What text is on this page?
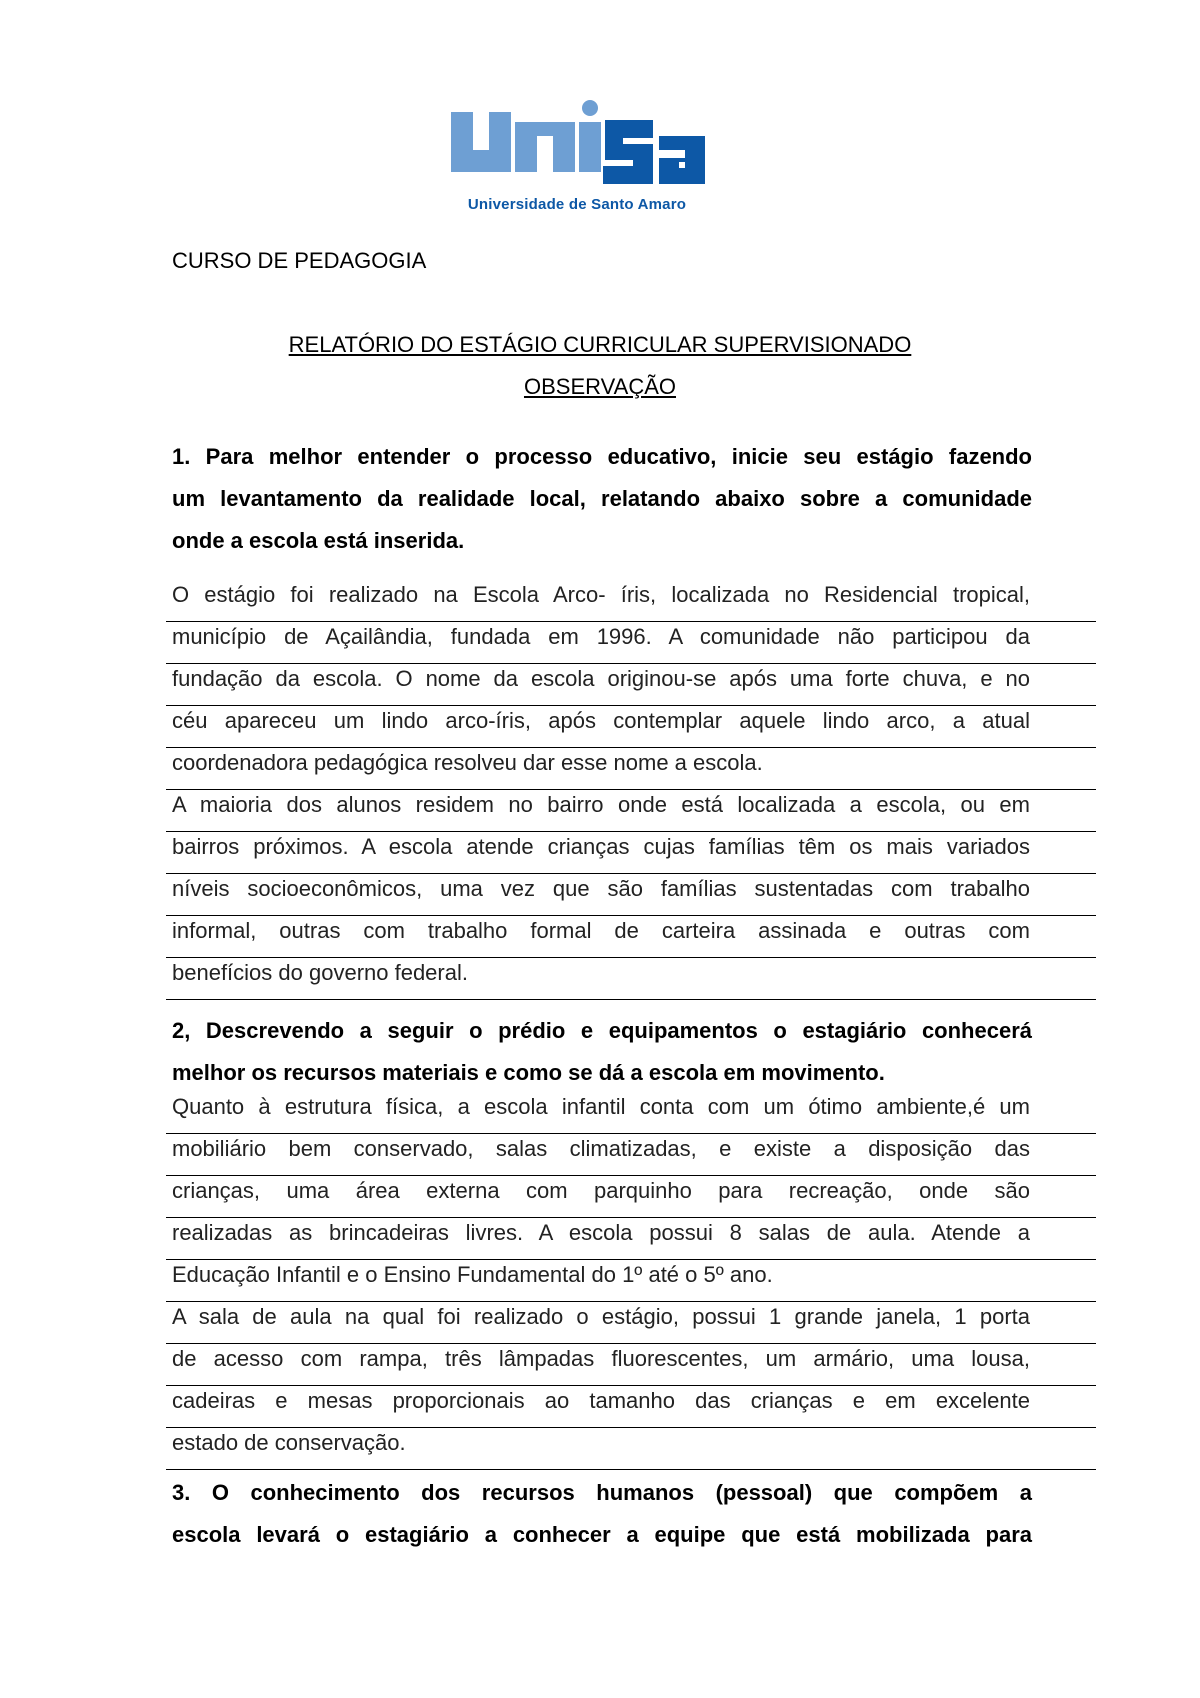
Universidade de Santo Amaro
CURSO DE PEDAGOGIA
RELATÓRIO DO ESTÁGIO CURRICULAR SUPERVISIONADO
OBSERVAÇÃO
1. Para melhor entender o processo educativo, inicie seu estágio fazendo
um levantamento da realidade local, relatando abaixo sobre a comunidade
onde a escola está inserida.
O estágio foi realizado na Escola Arco- íris, localizada no Residencial tropical,
município de Açailândia, fundada em 1996. A comunidade não participou da
fundação da escola. O nome da escola originou-se após uma forte chuva, e no
céu apareceu um lindo arco-íris, após contemplar aquele lindo arco, a atual
coordenadora pedagógica resolveu dar esse nome a escola.
A maioria dos alunos residem no bairro onde está localizada a escola, ou em
bairros próximos. A escola atende crianças cujas famílias têm os mais variados
níveis socioeconômicos, uma vez que são famílias sustentadas com trabalho
informal, outras com trabalho formal de carteira assinada e outras com
benefícios do governo federal.
2, Descrevendo a seguir o prédio e equipamentos o estagiário conhecerá
melhor os recursos materiais e como se dá a escola em movimento.
Quanto à estrutura física, a escola infantil conta com um ótimo ambiente,é um
mobiliário bem conservado, salas climatizadas, e existe a disposição das
crianças, uma área externa com parquinho para recreação, onde são
realizadas as brincadeiras livres. A escola possui 8 salas de aula. Atende a
Educação Infantil e o Ensino Fundamental do 1º até o 5º ano.
A sala de aula na qual foi realizado o estágio, possui 1 grande janela, 1 porta
de acesso com rampa, três lâmpadas fluorescentes, um armário, uma lousa,
cadeiras e mesas proporcionais ao tamanho das crianças e em excelente
estado de conservação.
3. O conhecimento dos recursos humanos (pessoal) que compõem a
escola levará o estagiário a conhecer a equipe que está mobilizada para
